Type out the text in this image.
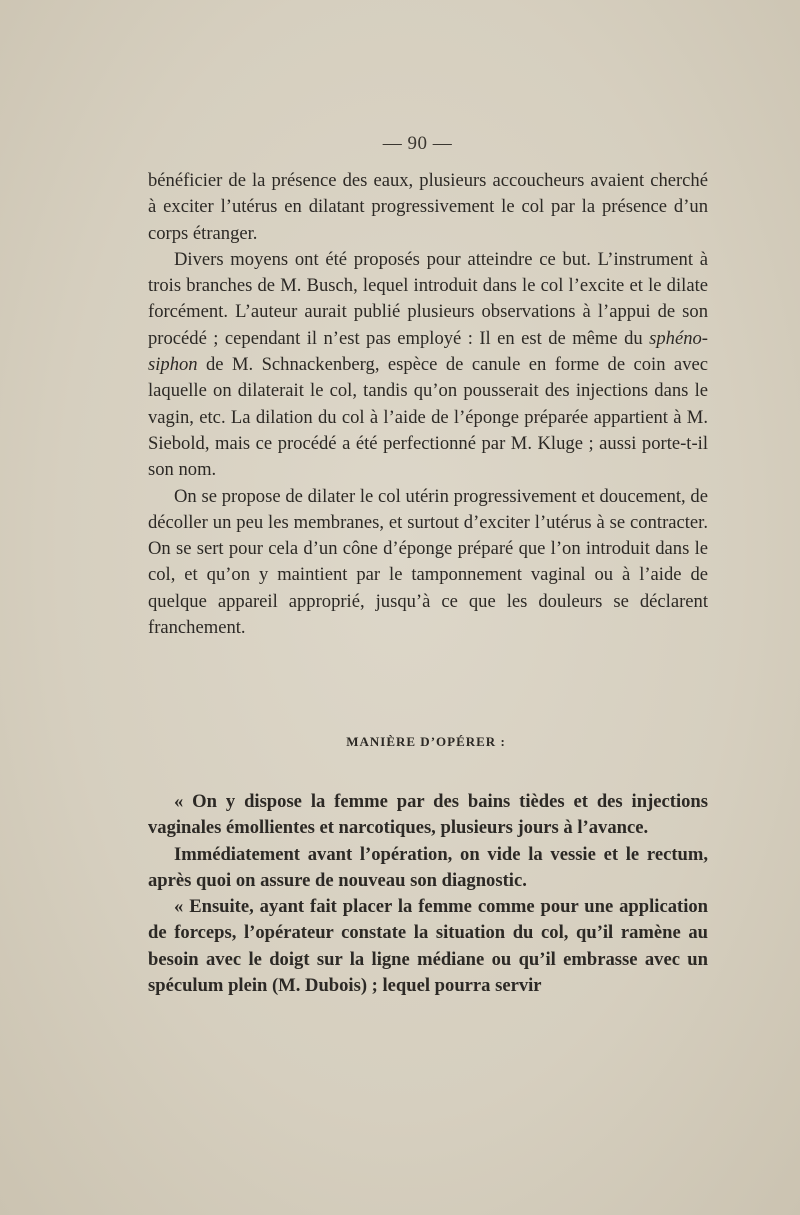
— 90 —

bénéficier de la présence des eaux, plusieurs accoucheurs avaient cherché à exciter l’utérus en dilatant progressivement le col par la présence d’un corps étranger.

Divers moyens ont été proposés pour atteindre ce but. L’instrument à trois branches de M. Busch, lequel introduit dans le col l’excite et le dilate forcément. L’auteur aurait publié plusieurs observations à l’appui de son procédé ; cependant il n’est pas employé : Il en est de même du sphéno-siphon de M. Schnackenberg, espèce de canule en forme de coin avec laquelle on dilaterait le col, tandis qu’on pousserait des injections dans le vagin, etc. La dilation du col à l’aide de l’éponge préparée appartient à M. Siebold, mais ce procédé a été perfectionné par M. Kluge ; aussi porte-t-il son nom.

On se propose de dilater le col utérin progressivement et doucement, de décoller un peu les membranes, et surtout d’exciter l’utérus à se contracter. On se sert pour cela d’un cône d’éponge préparé que l’on introduit dans le col, et qu’on y maintient par le tamponnement vaginal ou à l’aide de quelque appareil approprié, jusqu’à ce que les douleurs se déclarent franchement.

MANIÈRE D’OPÉRER :

« On y dispose la femme par des bains tièdes et des injections vaginales émollientes et narcotiques, plusieurs jours à l’avance.

Immédiatement avant l’opération, on vide la vessie et le rectum, après quoi on assure de nouveau son diagnostic.

« Ensuite, ayant fait placer la femme comme pour une application de forceps, l’opérateur constate la situation du col, qu’il ramène au besoin avec le doigt sur la ligne médiane ou qu’il embrasse avec un spéculum plein (M. Dubois) ; lequel pourra servir
